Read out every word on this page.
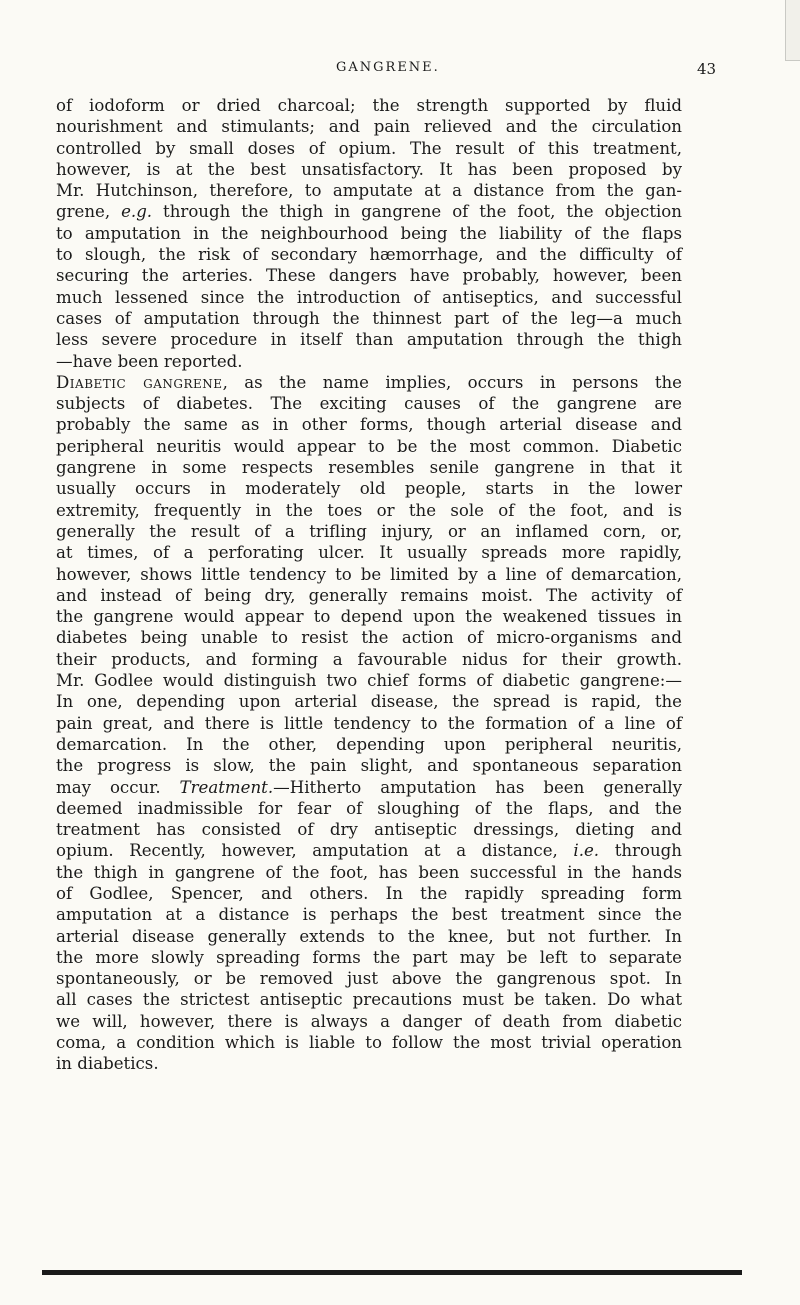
GANGRENE.	43
of iodoform or dried charcoal; the strength supported by fluid
nourishment and stimulants; and pain relieved and the circulation
controlled by small doses of opium. The result of this treatment,
however, is at the best unsatisfactory. It has been proposed by
Mr. Hutchinson, therefore, to amputate at a distance from the gan-
grene, e.g. through the thigh in gangrene of the foot, the objection
to amputation in the neighbourhood being the liability of the flaps
to slough, the risk of secondary hæmorrhage, and the difficulty of
securing the arteries. These dangers have probably, however, been
much lessened since the introduction of antiseptics, and successful
cases of amputation through the thinnest part of the leg—a much
less severe procedure in itself than amputation through the thigh
—have been reported.
Diabetic gangrene, as the name implies, occurs in persons the
subjects of diabetes. The exciting causes of the gangrene are
probably the same as in other forms, though arterial disease and
peripheral neuritis would appear to be the most common. Diabetic
gangrene in some respects resembles senile gangrene in that it
usually occurs in moderately old people, starts in the lower
extremity, frequently in the toes or the sole of the foot, and is
generally the result of a trifling injury, or an inflamed corn, or,
at times, of a perforating ulcer. It usually spreads more rapidly,
however, shows little tendency to be limited by a line of demarcation,
and instead of being dry, generally remains moist. The activity of
the gangrene would appear to depend upon the weakened tissues in
diabetes being unable to resist the action of micro-organisms and
their products, and forming a favourable nidus for their growth.
Mr. Godlee would distinguish two chief forms of diabetic gangrene:—
In one, depending upon arterial disease, the spread is rapid, the
pain great, and there is little tendency to the formation of a line of
demarcation. In the other, depending upon peripheral neuritis,
the progress is slow, the pain slight, and spontaneous separation
may occur. Treatment.—Hitherto amputation has been generally
deemed inadmissible for fear of sloughing of the flaps, and the
treatment has consisted of dry antiseptic dressings, dieting and
opium. Recently, however, amputation at a distance, i.e. through
the thigh in gangrene of the foot, has been successful in the hands
of Godlee, Spencer, and others. In the rapidly spreading form
amputation at a distance is perhaps the best treatment since the
arterial disease generally extends to the knee, but not further. In
the more slowly spreading forms the part may be left to separate
spontaneously, or be removed just above the gangrenous spot. In
all cases the strictest antiseptic precautions must be taken. Do what
we will, however, there is always a danger of death from diabetic
coma, a condition which is liable to follow the most trivial operation
in diabetics.
